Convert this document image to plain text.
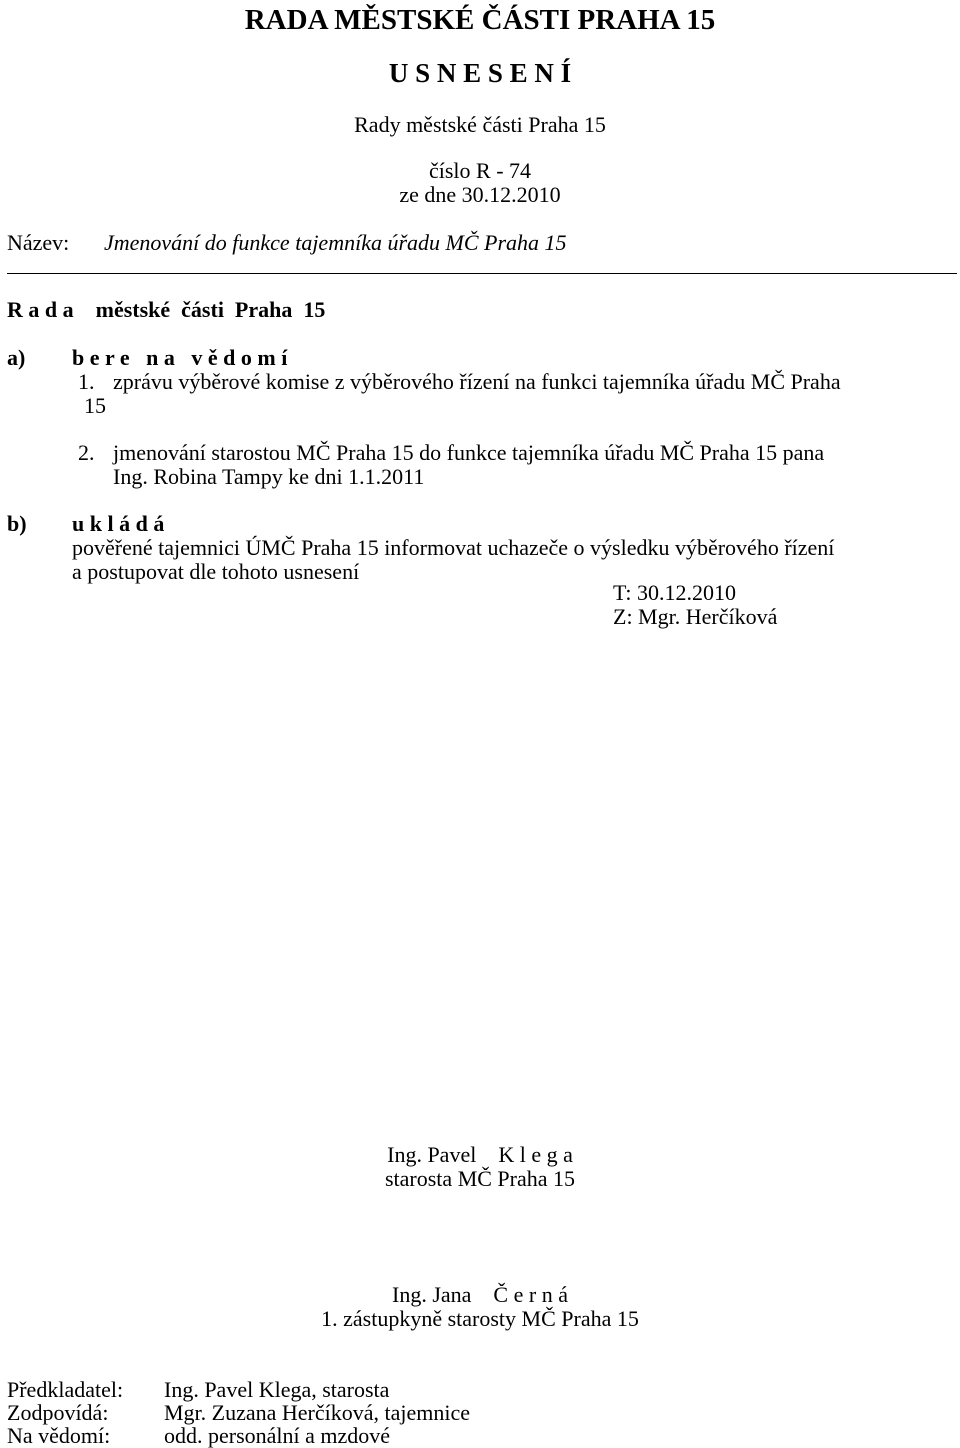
RADA MĚSTSKÉ ČÁSTI PRAHA 15
U S N E S E N Í
Rady městské části Praha 15
číslo R - 74
ze dne 30.12.2010
Název: Jmenování do funkce tajemníka úřadu MČ Praha 15
R a d a    městské  části  Praha  15
a) b e r e   n a   v ě d o m í
1. zprávu výběrové komise z výběrového řízení na funkci tajemníka úřadu MČ Praha
15
2. jmenování starostou MČ Praha 15 do funkce tajemníka úřadu MČ Praha 15 pana
Ing. Robina Tampy ke dni 1.1.2011
b) u k l á d á
pověřené tajemnici ÚMČ Praha 15 informovat uchazeče o výsledku výběrového řízení
a postupovat dle tohoto usnesení
T: 30.12.2010
Z: Mgr. Herčíková
Ing. Pavel    K l e g a
starosta MČ Praha 15
Ing. Jana    Č e r n á
1. zástupkyně starosty MČ Praha 15
Předkladatel: Ing. Pavel Klega, starosta
Zodpovídá:	Mgr. Zuzana Herčíková, tajemnice
Na vědomí: odd. personální a mzdové
